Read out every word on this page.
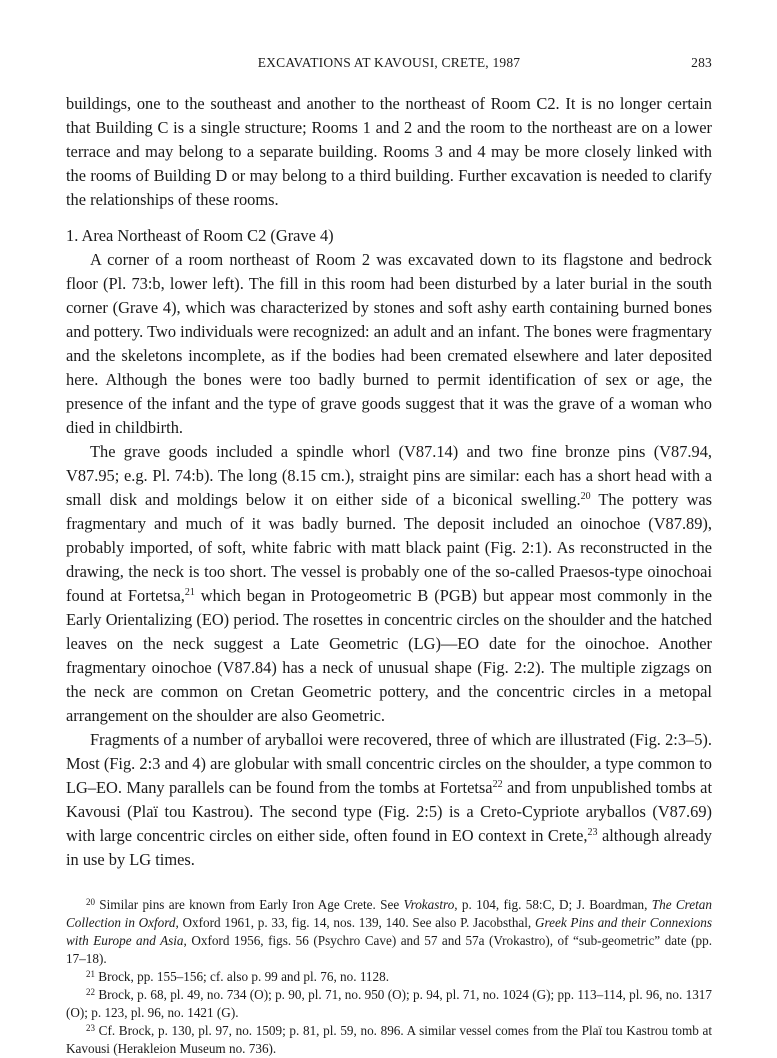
EXCAVATIONS AT KAVOUSI, CRETE, 1987	283

buildings, one to the southeast and another to the northeast of Room C2. It is no longer certain that Building C is a single structure; Rooms 1 and 2 and the room to the northeast are on a lower terrace and may belong to a separate building. Rooms 3 and 4 may be more closely linked with the rooms of Building D or may belong to a third building. Further excavation is needed to clarify the relationships of these rooms.

1. Area Northeast of Room C2 (Grave 4)

A corner of a room northeast of Room 2 was excavated down to its flagstone and bedrock floor (Pl. 73:b, lower left). The fill in this room had been disturbed by a later burial in the south corner (Grave 4), which was characterized by stones and soft ashy earth containing burned bones and pottery. Two individuals were recognized: an adult and an infant. The bones were fragmentary and the skeletons incomplete, as if the bodies had been cremated elsewhere and later deposited here. Although the bones were too badly burned to permit identification of sex or age, the presence of the infant and the type of grave goods suggest that it was the grave of a woman who died in childbirth.

The grave goods included a spindle whorl (V87.14) and two fine bronze pins (V87.94, V87.95; e.g. Pl. 74:b). The long (8.15 cm.), straight pins are similar: each has a short head with a small disk and moldings below it on either side of a biconical swelling.$^{20}$ The pottery was fragmentary and much of it was badly burned. The deposit included an oinochoe (V87.89), probably imported, of soft, white fabric with matt black paint (Fig. 2:1). As reconstructed in the drawing, the neck is too short. The vessel is probably one of the so-called Praesos-type oinochoai found at Fortetsa,$^{21}$ which began in Protogeometric B (PGB) but appear most commonly in the Early Orientalizing (EO) period. The rosettes in concentric circles on the shoulder and the hatched leaves on the neck suggest a Late Geometric (LG)—EO date for the oinochoe. Another fragmentary oinochoe (V87.84) has a neck of unusual shape (Fig. 2:2). The multiple zigzags on the neck are common on Cretan Geometric pottery, and the concentric circles in a metopal arrangement on the shoulder are also Geometric.

Fragments of a number of aryballoi were recovered, three of which are illustrated (Fig. 2:3–5). Most (Fig. 2:3 and 4) are globular with small concentric circles on the shoulder, a type common to LG–EO. Many parallels can be found from the tombs at Fortetsa$^{22}$ and from unpublished tombs at Kavousi (Plaï tou Kastrou). The second type (Fig. 2:5) is a Creto-Cypriote aryballos (V87.69) with large concentric circles on either side, often found in EO context in Crete,$^{23}$ although already in use by LG times.

$^{20}$ Similar pins are known from Early Iron Age Crete. See Vrokastro, p. 104, fig. 58:C, D; J. Boardman, The Cretan Collection in Oxford, Oxford 1961, p. 33, fig. 14, nos. 139, 140. See also P. Jacobsthal, Greek Pins and their Connexions with Europe and Asia, Oxford 1956, figs. 56 (Psychro Cave) and 57 and 57a (Vrokastro), of “sub-geometric” date (pp. 17–18).

$^{21}$ Brock, pp. 155–156; cf. also p. 99 and pl. 76, no. 1128.

$^{22}$ Brock, p. 68, pl. 49, no. 734 (O); p. 90, pl. 71, no. 950 (O); p. 94, pl. 71, no. 1024 (G); pp. 113–114, pl. 96, no. 1317 (O); p. 123, pl. 96, no. 1421 (G).

$^{23}$ Cf. Brock, p. 130, pl. 97, no. 1509; p. 81, pl. 59, no. 896. A similar vessel comes from the Plaï tou Kastrou tomb at Kavousi (Herakleion Museum no. 736).
